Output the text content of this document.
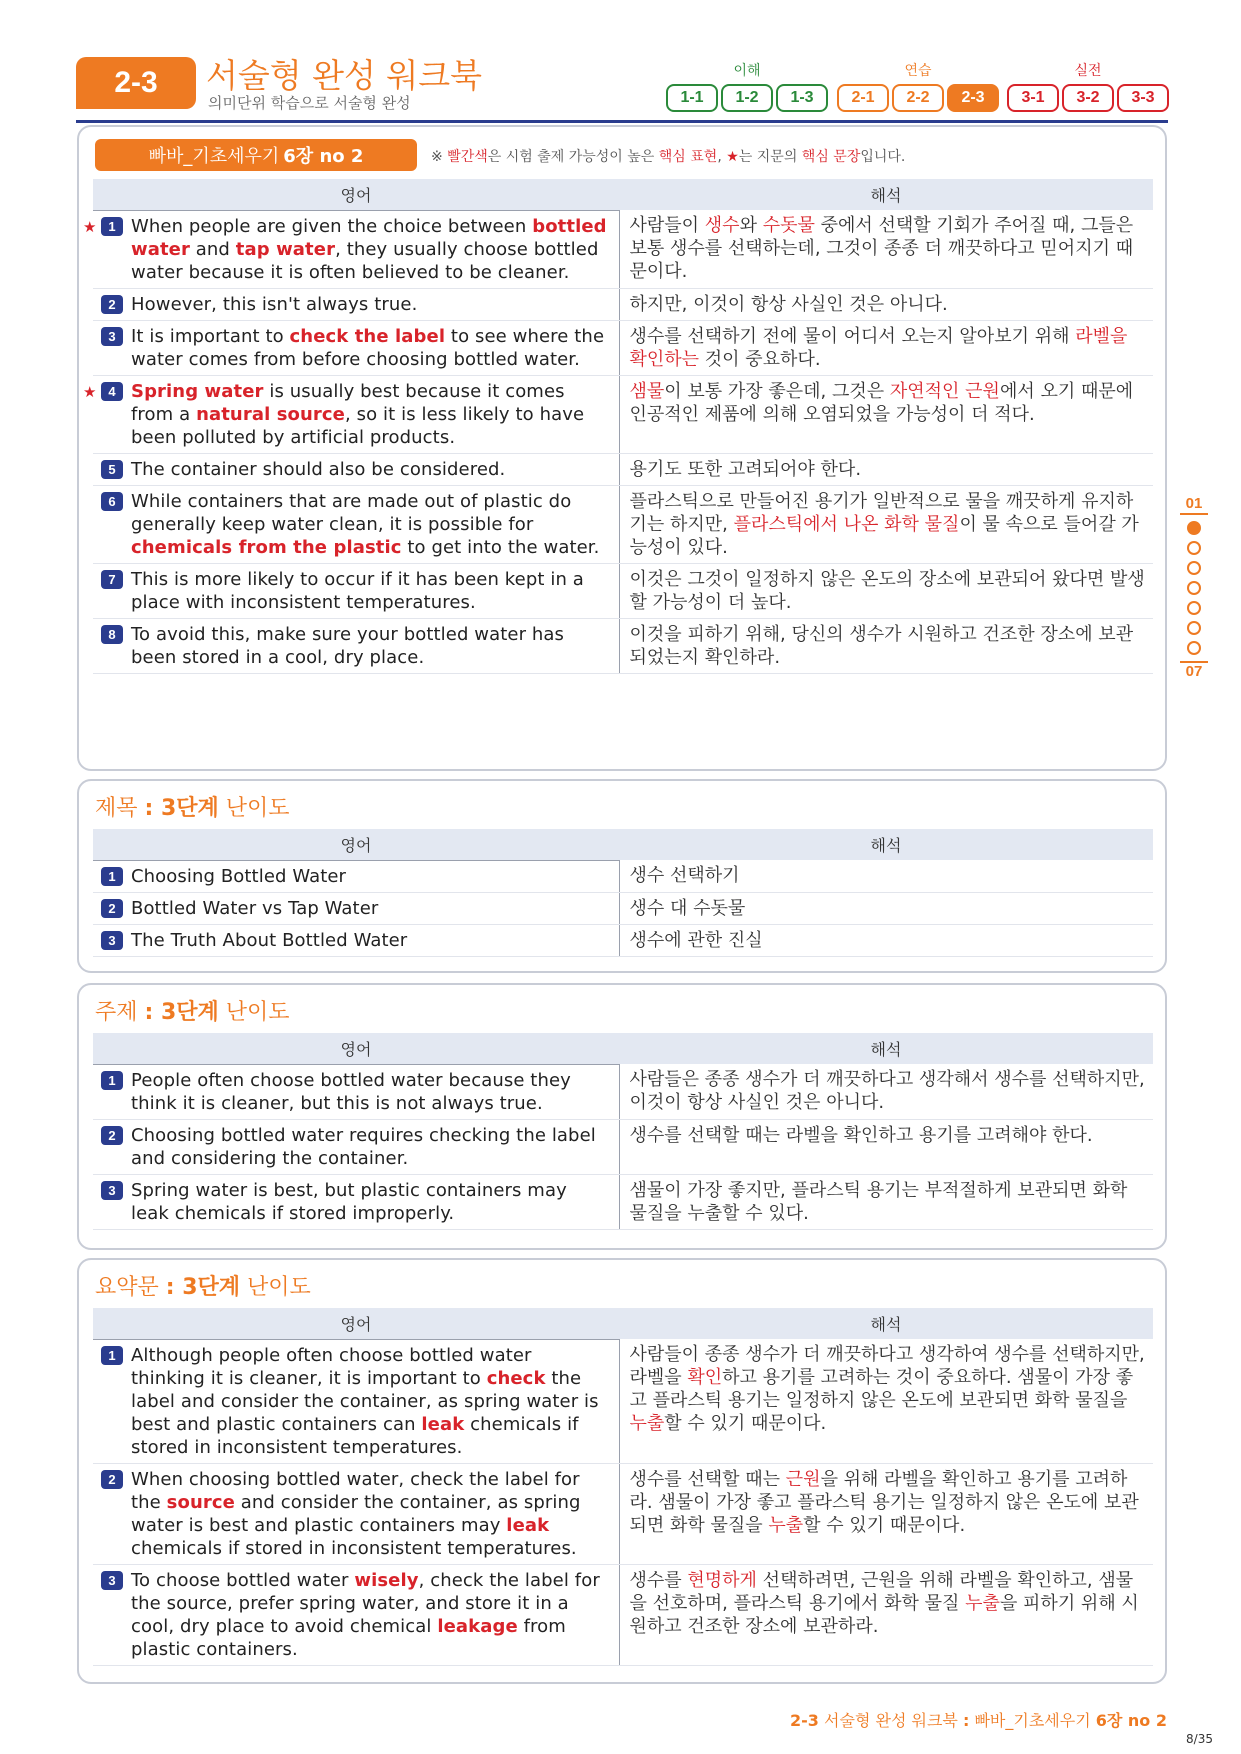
2-3	서술형 완성 워크북
의미단위 학습으로 서술형 완성
이해
1-1	1-2	1-3
연습
2-1	2-2	2-3
실전
3-1	3-2	3-3
빠바_기초세우기 6장 no 2	※ 빨간색은 시험 출제 가능성이 높은 핵심 표현, ★는 지문의 핵심 문장입니다.
영어	해석

★ 1 When people are given the choice between bottled water and tap water, they usually choose bottled water because it is often believed to be cleaner.	사람들이 생수와 수돗물 중에서 선택할 기회가 주어질 때, 그들은 보통 생수를 선택하는데, 그것이 종종 더 깨끗하다고 믿어지기 때문이다.

2 However, this isn't always true.	하지만, 이것이 항상 사실인 것은 아니다.

3 It is important to check the label to see where the water comes from before choosing bottled water.	생수를 선택하기 전에 물이 어디서 오는지 알아보기 위해 라벨을 확인하는 것이 중요하다.

★ 4 Spring water is usually best because it comes from a natural source, so it is less likely to have been polluted by artificial products.	샘물이 보통 가장 좋은데, 그것은 자연적인 근원에서 오기 때문에 인공적인 제품에 의해 오염되었을 가능성이 더 적다.

5 The container should also be considered.	용기도 또한 고려되어야 한다.

6 While containers that are made out of plastic do generally keep water clean, it is possible for chemicals from the plastic to get into the water.	플라스틱으로 만들어진 용기가 일반적으로 물을 깨끗하게 유지하기는 하지만, 플라스틱에서 나온 화학 물질이 물 속으로 들어갈 가능성이 있다.

7 This is more likely to occur if it has been kept in a place with inconsistent temperatures.	이것은 그것이 일정하지 않은 온도의 장소에 보관되어 왔다면 발생할 가능성이 더 높다.

8 To avoid this, make sure your bottled water has been stored in a cool, dry place.	이것을 피하기 위해, 당신의 생수가 시원하고 건조한 장소에 보관되었는지 확인하라.
제목 : 3단계 난이도
영어	해석

1 Choosing Bottled Water	생수 선택하기

2 Bottled Water vs Tap Water	생수 대 수돗물

3 The Truth About Bottled Water	생수에 관한 진실
주제 : 3단계 난이도
영어	해석

1 People often choose bottled water because they think it is cleaner, but this is not always true.	사람들은 종종 생수가 더 깨끗하다고 생각해서 생수를 선택하지만, 이것이 항상 사실인 것은 아니다.

2 Choosing bottled water requires checking the label and considering the container.	생수를 선택할 때는 라벨을 확인하고 용기를 고려해야 한다.

3 Spring water is best, but plastic containers may leak chemicals if stored improperly.	샘물이 가장 좋지만, 플라스틱 용기는 부적절하게 보관되면 화학 물질을 누출할 수 있다.
요약문 : 3단계 난이도
영어	해석

1 Although people often choose bottled water thinking it is cleaner, it is important to check the label and consider the container, as spring water is best and plastic containers can leak chemicals if stored in inconsistent temperatures.	사람들이 종종 생수가 더 깨끗하다고 생각하여 생수를 선택하지만, 라벨을 확인하고 용기를 고려하는 것이 중요하다. 샘물이 가장 좋고 플라스틱 용기는 일정하지 않은 온도에 보관되면 화학 물질을 누출할 수 있기 때문이다.

2 When choosing bottled water, check the label for the source and consider the container, as spring water is best and plastic containers may leak chemicals if stored in inconsistent temperatures.	생수를 선택할 때는 근원을 위해 라벨을 확인하고 용기를 고려하라. 샘물이 가장 좋고 플라스틱 용기는 일정하지 않은 온도에 보관되면 화학 물질을 누출할 수 있기 때문이다.

3 To choose bottled water wisely, check the label for the source, prefer spring water, and store it in a cool, dry place to avoid chemical leakage from plastic containers.	생수를 현명하게 선택하려면, 근원을 위해 라벨을 확인하고, 샘물을 선호하며, 플라스틱 용기에서 화학 물질 누출을 피하기 위해 시원하고 건조한 장소에 보관하라.
01
07
2-3 서술형 완성 워크북 : 빠바_기초세우기 6장 no 2
8/35
